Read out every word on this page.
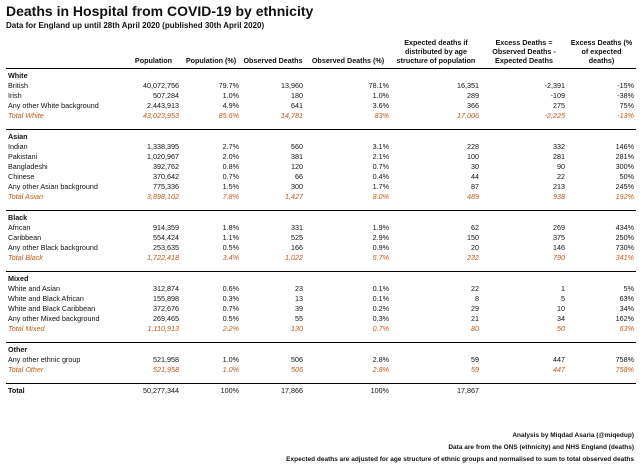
Deaths in Hospital from COVID-19 by ethnicity
Data for England up until 28th April 2020 (published 30th April 2020)
	Population	Population (%)	Observed Deaths	Observed Deaths (%)	Expected deaths if distributed by age structure of population	Excess Deaths = Observed Deaths - Expected Deaths	Excess Deaths (% of expected deaths)
White							
British	40,072,756	79.7%	13,960	78.1%	16,351	-2,391	-15%
Irish	507,284	1.0%	180	1.0%	289	-109	-38%
Any other White background	2,443,913	4.9%	641	3.6%	366	275	75%
Total White	43,023,953	85.6%	14,781	83%	17,006	-2,225	-13%

Asian							
Indian	1,338,395	2.7%	560	3.1%	228	332	146%
Pakistani	1,020,967	2.0%	381	2.1%	100	281	281%
Bangladeshi	392,762	0.8%	120	0.7%	30	90	300%
Chinese	370,642	0.7%	66	0.4%	44	22	50%
Any other Asian background	775,336	1.5%	300	1.7%	87	213	245%
Total Asian	3,898,102	7.8%	1,427	8.0%	489	938	192%

Black							
African	914,359	1.8%	331	1.9%	62	269	434%
Caribbean	554,424	1.1%	525	2.9%	150	375	250%
Any other Black background	253,635	0.5%	166	0.9%	20	146	730%
Total Black	1,722,418	3.4%	1,022	5.7%	232	790	341%

Mixed							
White and Asian	312,874	0.6%	23	0.1%	22	1	5%
White and Black African	155,898	0.3%	13	0.1%	8	5	63%
White and Black Caribbean	372,676	0.7%	39	0.2%	29	10	34%
Any other Mixed background	269,465	0.5%	55	0.3%	21	34	162%
Total Mixed	1,110,913	2.2%	130	0.7%	80	50	63%

Other							
Any other ethnic group	521,958	1.0%	506	2.8%	59	447	758%
Total Other	521,958	1.0%	506	2.8%	59	447	758%

Total	50,277,344	100%	17,866	100%	17,867		
Analysis by Miqdad Asaria (@miqedup)
Data are from the ONS (ethnicity) and NHS England (deaths)
Expected deaths are adjusted for age structure of ethnic groups and normalised to sum to total observed deaths
